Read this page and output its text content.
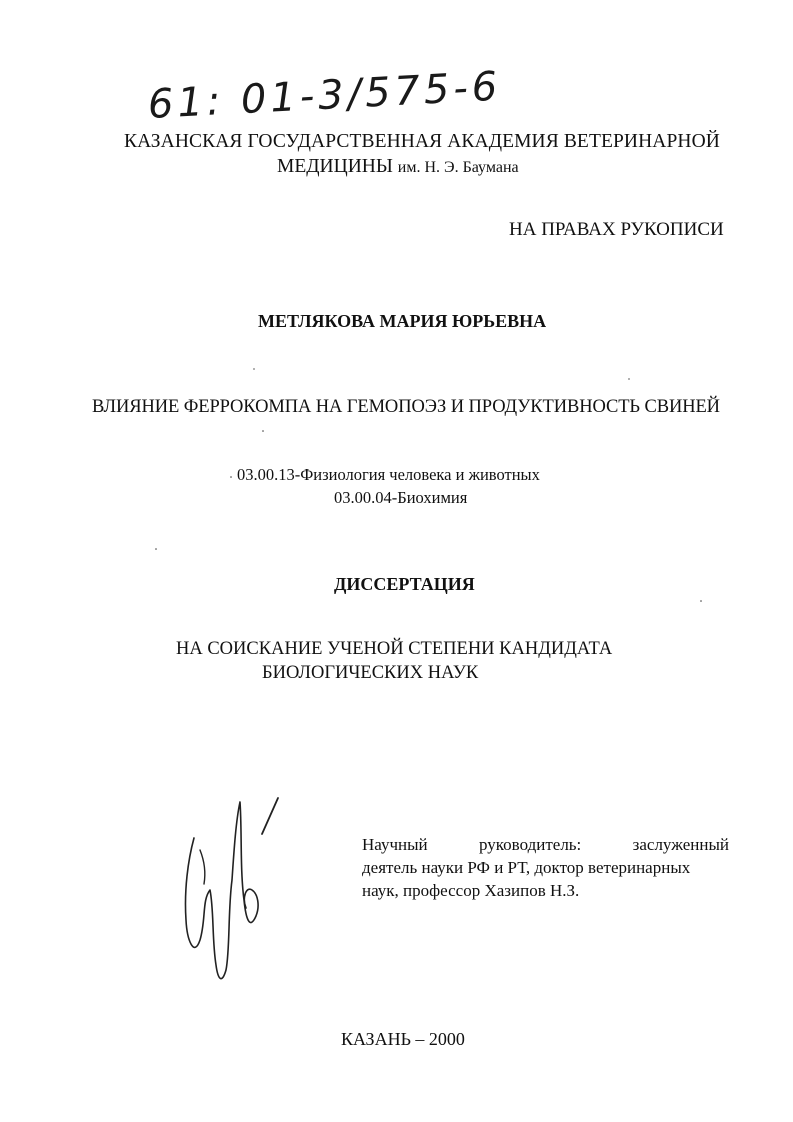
61: 01-3/575-6
КАЗАНСКАЯ ГОСУДАРСТВЕННАЯ АКАДЕМИЯ ВЕТЕРИНАРНОЙ
МЕДИЦИНЫ им. Н. Э. Баумана
НА ПРАВАХ РУКОПИСИ
МЕТЛЯКОВА МАРИЯ ЮРЬЕВНА
ВЛИЯНИЕ ФЕРРОКОМПА НА ГЕМОПОЭЗ И ПРОДУКТИВНОСТЬ СВИНЕЙ
03.00.13-Физиология человека и животных
03.00.04-Биохимия
ДИССЕРТАЦИЯ
НА СОИСКАНИЕ УЧЕНОЙ СТЕПЕНИ КАНДИДАТА
БИОЛОГИЧЕСКИХ НАУК
Научный	руководитель:	заслуженный
деятель науки РФ и РТ, доктор ветеринарных
наук, профессор Хазипов Н.З.
КАЗАНЬ – 2000
